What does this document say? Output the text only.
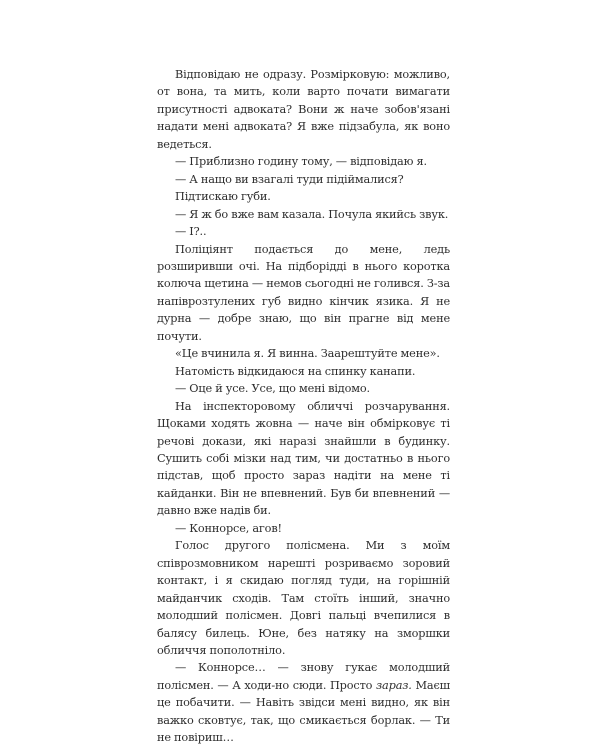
Відповідаю не одразу. Розмірковую: можливо, от вона, та мить, коли варто почати вимагати присутності адвоката? Вони ж наче зобов'язані надати мені адвоката? Я вже підзабула, як воно ведеться.

— Приблизно годину тому, — відповідаю я.

— А нащо ви взагалі туди підіймалися?

Підтискаю губи.

— Я ж бо вже вам казала. Почула якийсь звук.

— І?..

Поліціянт подається до мене, ледь розширивши очі. На підборідді в нього коротка колюча щетина — немов сьогодні не голився. З-за напіврозтулених губ видно кінчик язика. Я не дурна — добре знаю, що він прагне від мене почути.

«Це вчинила я. Я винна. Заарештуйте мене».

Натомість відкидаюся на спинку канапи.

— Оце й усе. Усе, що мені відомо.

На інспекторовому обличчі розчарування. Щоками ходять жовна — наче він обмірковує ті речові докази, які наразі знайшли в будинку. Сушить собі мізки над тим, чи достатньо в нього підстав, щоб просто зараз надіти на мене ті кайданки. Він не впевнений. Був би впевнений — давно вже надів би.

— Коннорсе, агов!

Голос другого полісмена. Ми з моїм співрозмовником нарешті розриваємо зоровий контакт, і я скидаю погляд туди, на горішній майданчик сходів. Там стоїть інший, значно молодший полісмен. Довгі пальці вчепилися в балясу билець. Юне, без натяку на зморшки обличчя пополотніло.

— Коннорсе… — знову гукає молодший полісмен. — А ходи-но сюди. Просто зараз. Маєш це побачити. — Навіть звідси мені видно, як він важко сковтує, так, що смикається борлак. — Ти не повіриш…
